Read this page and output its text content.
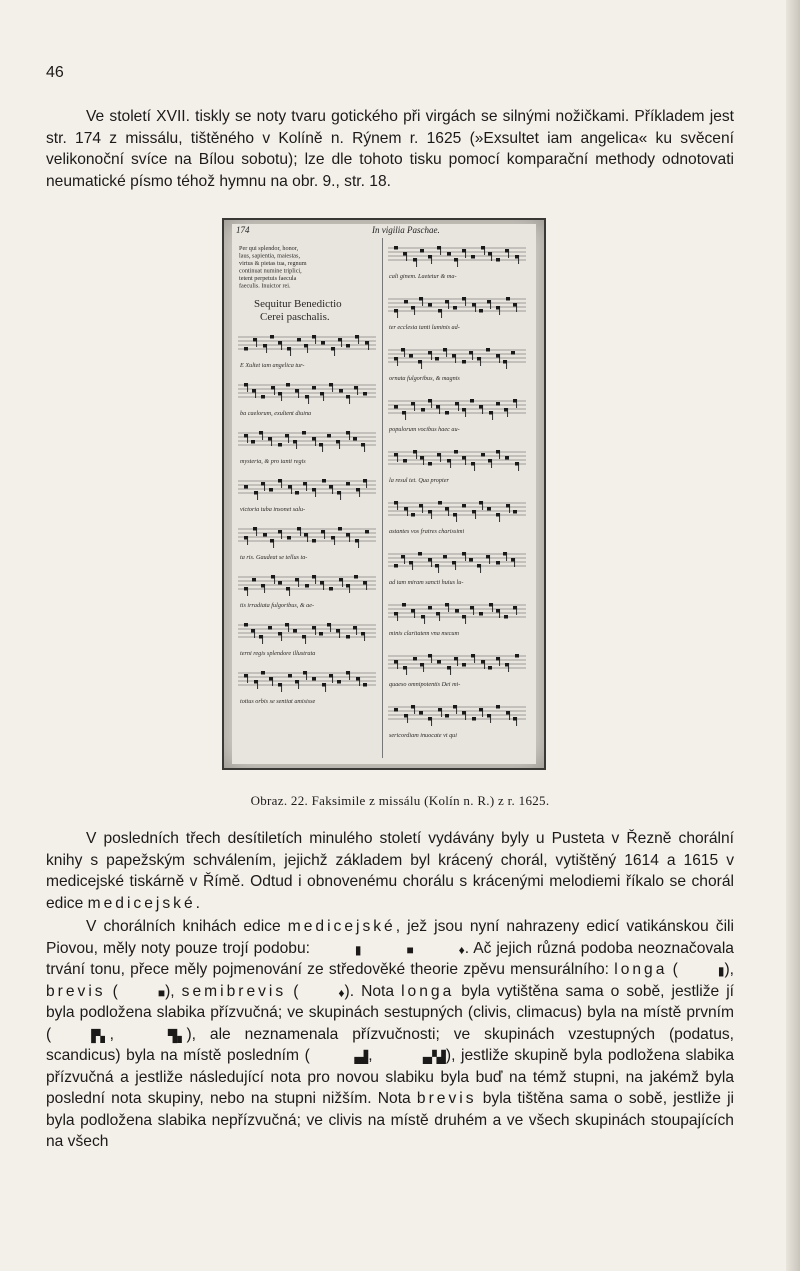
46
Ve století XVII. tiskly se noty tvaru gotického při virgách se silnými nožičkami. Příkladem jest str. 174 z missálu, tištěného v Kolíně n. Rýnem r. 1625 (»Exsultet iam angelica« ku svěcení velikonoční svíce na Bílou sobotu); lze dle tohoto tisku pomocí komparační methody odnotovati neumatické písmo téhož hymnu na obr. 9., str. 18.
174	In vigilia Paschae.
Per qui splendor, honor,
laus, sapientia, maiestas,
virtus & pietas tua, regnum
continuat numine triplici,
tetent perpetuis faecula
faeculis. Inuictor rei.
Sequitur Benedictio
Cerei paschalis.
E Xultet iam angelica tur-
ba caelorum, exultent diuina
mysteria, & pro tanti regis
victoria tuba insonet salu-
ta ris. Gaudeat se tellus ta-
tis irradiata fulgoribus, & ae-
terni regis splendore illustrata
totius orbis se sentiat amisisse
cali ginem. Laetetur & ma-
ter ecclesia tanti luminis ad-
ornata fulgoribus, & magnis
populorum vocibus haec au-
la resul tet. Qua propter
astantes vos fratres charissimi
ad tam miram sancti huius lu-
minis claritatem vna mecum
quaeso omnipotentis Dei mi-
sericordiam inuocate vt qui
Obraz. 22. Faksimile z missálu (Kolín n. R.) z r. 1625.
V posledních třech desítiletích minulého století vydávány byly u Pusteta v Řezně chorální knihy s papežským schválením, jejichž základem byl krácený chorál, vytištěný 1614 a 1615 v medicejské tiskárně v Římě. Odtud i obnovenému chorálu s krácenými melodiemi říkalo se chorál edice medicejské.
V chorálních knihách edice medicejské, jež jsou nyní nahrazeny edicí vatikánskou čili Piovou, měly noty pouze trojí podobu:	▮	■	♦. Ač jejich různá podoba neoznačovala trvání tonu, přece měly pojmenování ze středověké theorie zpěvu mensurálního: longa (	▮), brevis (	■), semibrevis (	♦). Nota longa byla vytištěna sama o sobě, jestliže jí byla podložena slabika přízvučná; ve skupinách sestupných (clivis, climacus) byla na místě prvním (	▛▖,	▜▖), ale neznamenala přízvučnosti; ve skupinách vzestupných (podatus, scandicus) byla na místě posledním (	▗▟,	▗▞▟), jestliže skupině byla podložena slabika přízvučná a jestliže následující nota pro novou slabiku byla buď na témž stupni, na jakémž byla poslední nota skupiny, nebo na stupni nižším. Nota brevis byla tištěna sama o sobě, jestliže ji byla podložena slabika nepřízvučná; ve clivis na místě druhém a ve všech skupinách stoupajících na všech
